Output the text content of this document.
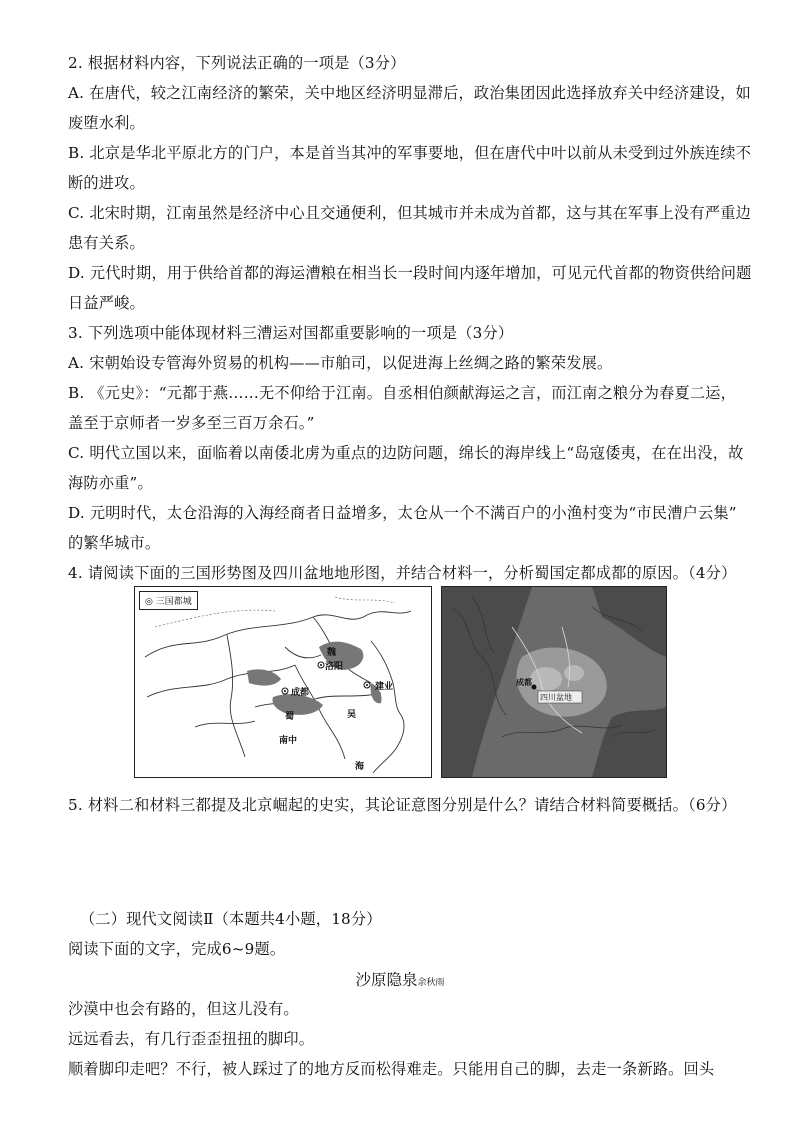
2. 根据材料内容，下列说法正确的一项是（3分）
A. 在唐代，较之江南经济的繁荣，关中地区经济明显滞后，政治集团因此选择放弃关中经济建设，如
废堕水利。
B. 北京是华北平原北方的门户，本是首当其冲的军事要地，但在唐代中叶以前从未受到过外族连续不
断的进攻。
C. 北宋时期，江南虽然是经济中心且交通便利，但其城市并未成为首都，这与其在军事上没有严重边
患有关系。
D. 元代时期，用于供给首都的海运漕粮在相当长一段时间内逐年增加，可见元代首都的物资供给问题
日益严峻。
3. 下列选项中能体现材料三漕运对国都重要影响的一项是（3分）
A. 宋朝始设专管海外贸易的机构——市舶司，以促进海上丝绸之路的繁荣发展。
B. 《元史》：“元都于燕……无不仰给于江南。自丞相伯颜献海运之言，而江南之粮分为春夏二运，
盖至于京师者一岁多至三百万余石。”
C. 明代立国以来，面临着以南倭北虏为重点的边防问题，绵长的海岸线上“岛寇倭夷，在在出没，故
海防亦重”。
D. 元明时代，太仓沿海的入海经商者日益增多，太仓从一个不满百户的小渔村变为“市民漕户云集”
的繁华城市。
4. 请阅读下面的三国形势图及四川盆地地形图，并结合材料一，分析蜀国定都成都的原因。（4分）
◎ 三国都城
魏
洛阳
建业
成都
蜀	吴
南中
海
成都
四川盆地
5. 材料二和材料三都提及北京崛起的史实，其论证意图分别是什么？请结合材料简要概括。（6分）
（二）现代文阅读Ⅱ（本题共4小题，18分）
阅读下面的文字，完成6~9题。
沙原隐泉余秋雨
沙漠中也会有路的，但这儿没有。
远远看去，有几行歪歪扭扭的脚印。
顺着脚印走吧？不行，被人踩过了的地方反而松得难走。只能用自己的脚，去走一条新路。回头
